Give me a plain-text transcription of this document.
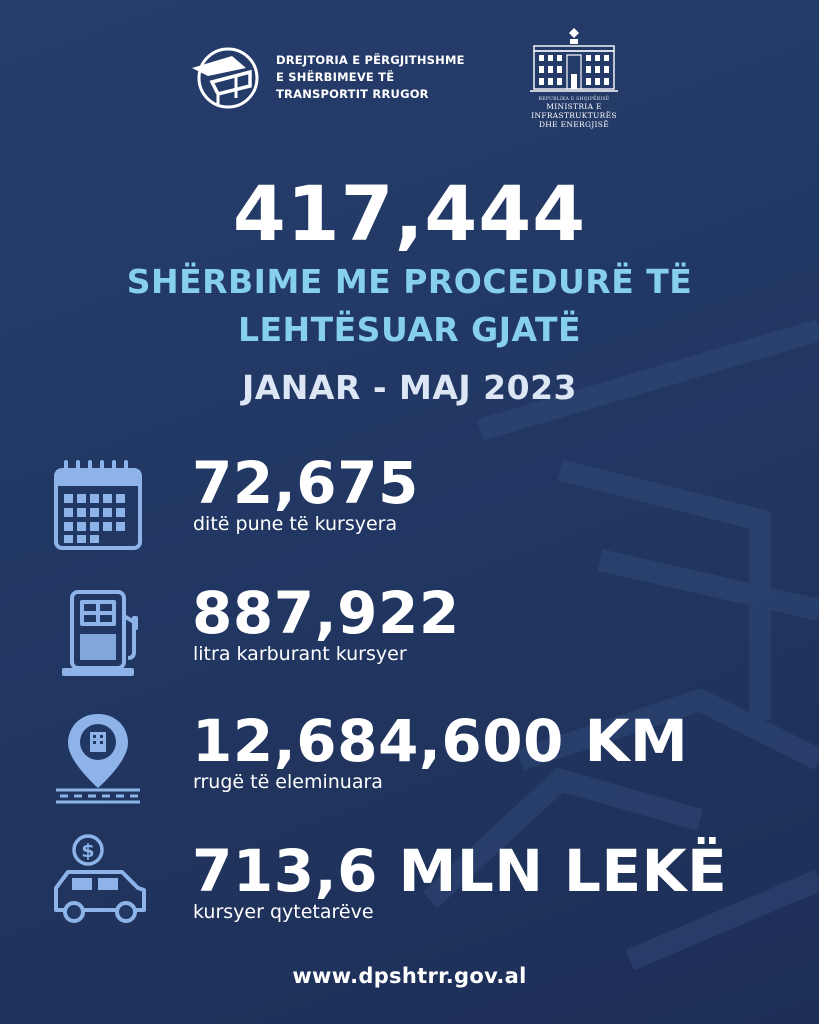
DREJTORIA E PËRGJITHSHME
E SHËRBIMEVE TË
TRANSPORTIT RRUGOR	REPUBLIKA E SHQIPËRISË
MINISTRIA E INFRASTRUKTURËS
DHE ENERGJISË
417,444
SHËRBIME ME PROCEDURË TË
LEHTËSUAR GJATË
JANAR - MAJ 2023
72,675
ditë pune të kursyera
887,922
litra karburant kursyer
12,684,600 KM
rrugë të eleminuara
$ 713,6 MLN LEKË
kursyer qytetarëve
www.dpshtrr.gov.al
